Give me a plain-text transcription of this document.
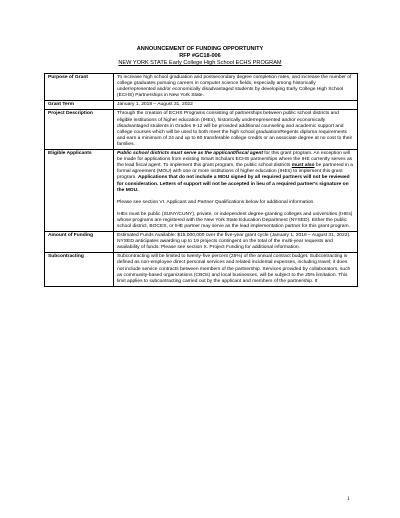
ANNOUNCEMENT OF FUNDING OPPORTUNITY
RFP #GC18-006
NEW YORK STATE Early College High School ECHS PROGRAM
Purpose of Grant	To increase high school graduation and postsecondary degree completion rates, and increase the number of college graduates pursuing careers in computer science fields, especially among historically underrepresented and/or economically disadvantaged students by developing Early College High School (ECHS) Partnerships in New York State.
Grant Term	January 1, 2018 – August 31, 2022
Project Description	Through the creation of ECHS Programs consisting of partnerships between public school districts and eligible institutions of higher education (IHEs), historically underrepresented and/or economically disadvantaged students in Grades 9-12 will be provided additional counseling and academic support and college courses which will be used to both meet the high school graduation/Regents diploma requirements and earn a minimum of 24 and up to 60 transferable college credits or an associate degree at no cost to their families.
Eligible Applicants	Public school districts must serve as the applicant/fiscal agent for this grant program. An exception will be made for applications from existing Smart Scholars ECHS partnerships where the IHE currently serves as the lead fiscal agent. To implement this grant program, the public school districts must also be partnered in a formal agreement (MOU) with one or more institutions of higher education (IHEs) to implement this grant program. Applications that do not include a MOU signed by all required partners will not be reviewed for consideration. Letters of support will not be accepted in lieu of a required partner's signature on the MOU.

Please see section VI. Applicant and Partner Qualifications below for additional information.

IHEs must be public (SUNY/CUNY), private, or independent degree-granting colleges and universities (IHEs) whose programs are registered with the New York State Education Department (NYSED). Either the public school district, BOCES, or IHE partner may serve as the lead implementation partner for this grant program.

Amount of Funding	Estimated Funds Available: $15,000,000 over the five-year grant cycle (January 1, 2018 – August 31, 2022).

NYSED anticipates awarding up to 19 projects contingent on the total of the multi-year requests and availability of funds. Please see section X. Project Funding for additional information.

Subcontracting	Subcontracting will be limited to twenty-five percent (25%) of the annual contract budget. Subcontracting is defined as non-employee direct personal services and related incidental expenses, including travel; it does not include service contracts between members of the partnership. Services provided by collaborators, such as community-based organizations (CBOs) and local businesses, will be subject to the 25% limitation. This limit applies to subcontracting carried out by the applicant and members of the partnership. It
1
